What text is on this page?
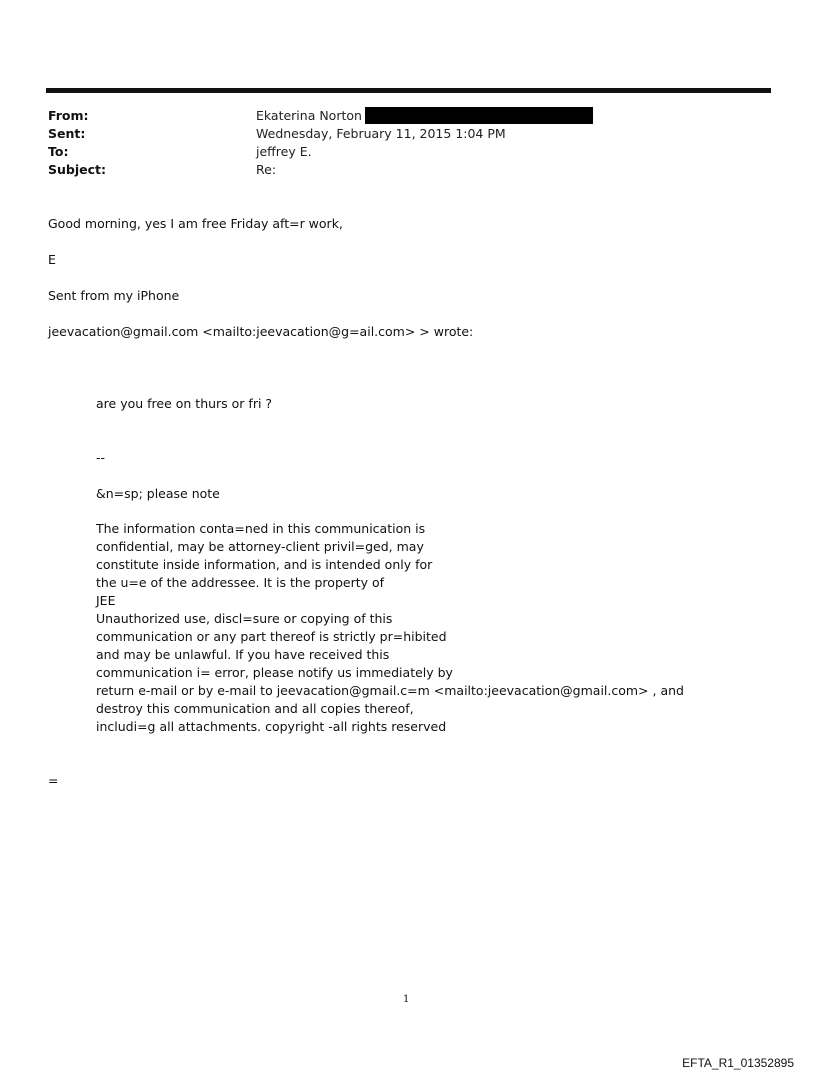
From:	Ekaterina Norton
Sent:	Wednesday, February 11, 2015 1:04 PM
To:	jeffrey E.
Subject:	Re:
Good morning, yes I am free Friday aft=r work,
E
Sent from my iPhone
jeevacation@gmail.com <mailto:jeevacation@g=ail.com> > wrote:
are you free on thurs or fri ?
--
&n=sp; please note
The information conta=ned in this communication is
confidential, may be attorney-client privil=ged, may
constitute inside information, and is intended only for
the u=e of the addressee. It is the property of
JEE
Unauthorized use, discl=sure or copying of this
communication or any part thereof is strictly pr=hibited
and may be unlawful. If you have received this
communication i= error, please notify us immediately by
return e-mail or by e-mail to jeevacation@gmail.c=m <mailto:jeevacation@gmail.com> , and
destroy this communication and all copies thereof,
includi=g all attachments. copyright -all rights reserved
=
1
EFTA_R1_01352895
